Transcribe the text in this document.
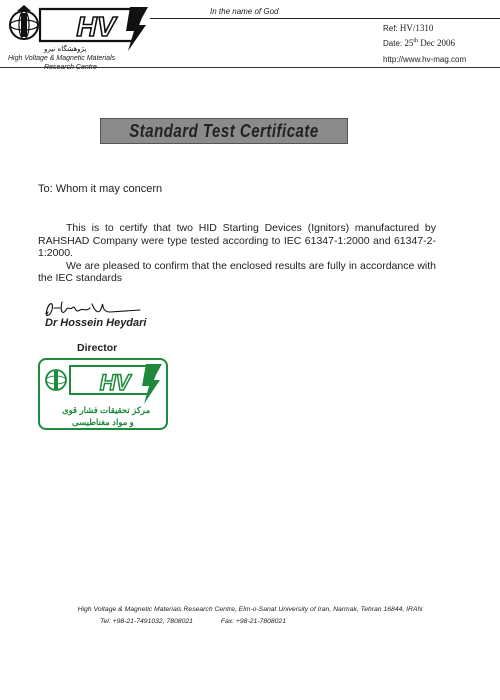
HV
پژوهشگاه نیرو
High Voltage & Magnetic Materials
In the name of God
Ref: HV/1310
Date: 25th Dec 2006
http://www.hv-mag.com
Standard Test Certificate
To: Whom it may concern

This is to certify that two HID Starting Devices (Ignitors) manufactured by RAHSHAD Company were type tested according to IEC 61347-1:2000 and 61347-2- 1:2000.

We are pleased to confirm that the enclosed results are fully in accordance with the IEC standards

Dr Hossein Heydari
Director
HV
مرکز تحقیقات فشار قوی
و مواد مغناطیسی
High Voltage & Magnetic Materials Research Centre, Elm-o-Sanat University of Iran, Narmak, Tehran 16844, IRAN
Tel: +98-21-7491032, 7808021	Fax: +98-21-7808021
